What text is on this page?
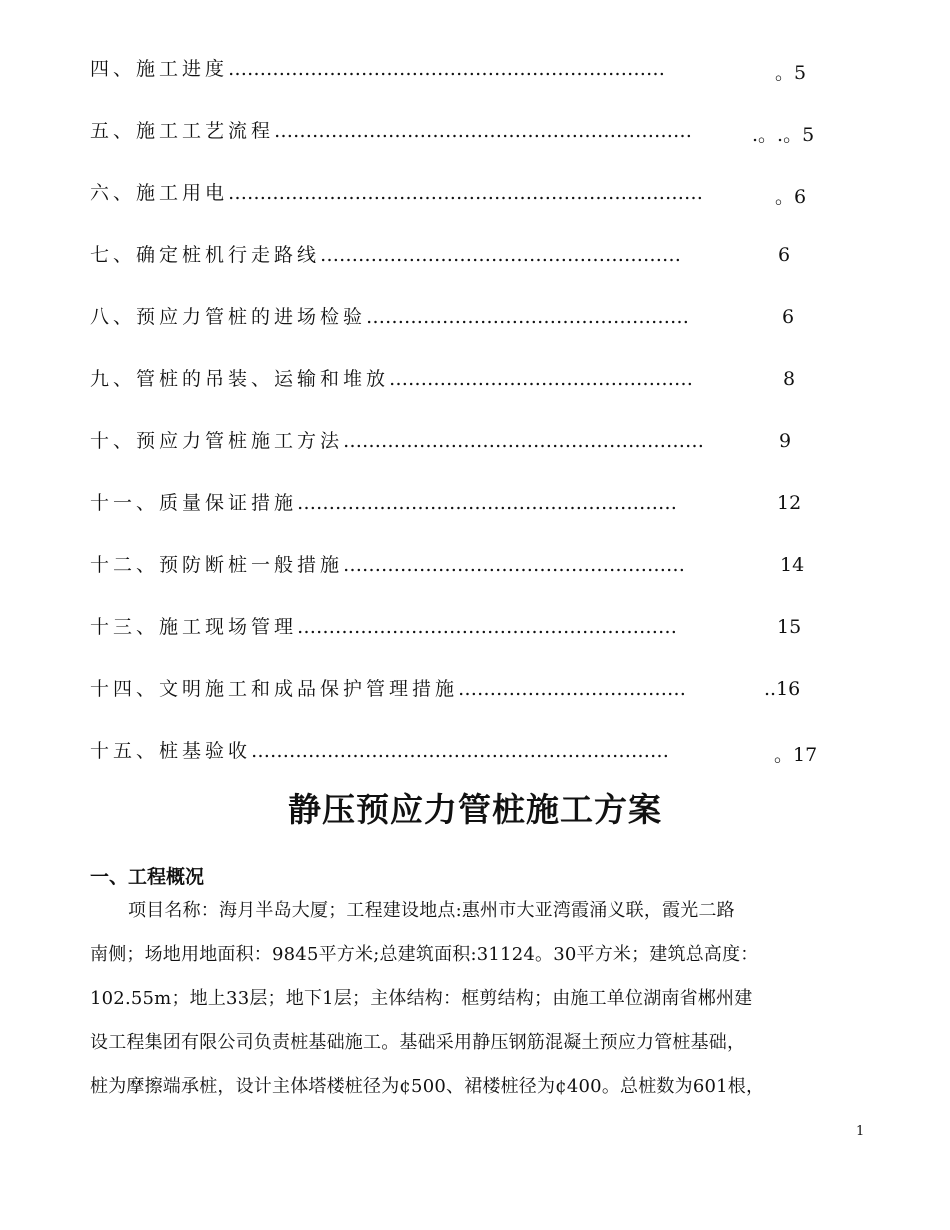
四、施工进度……………………………………………………………	。5
五、施工工艺流程…………………………………………………………	.。.。5
六、施工用电…………………………………………………………………	。6
七、确定桩机行走路线…………………………………………………	6
八、预应力管桩的进场检验……………………………………………	6
九、管桩的吊装、运输和堆放…………………………………………	8
十、预应力管桩施工方法…………………………………………………	9
十一、质量保证措施……………………………………………………	12
十二、预防断桩一般措施………………………………………………	14
十三、施工现场管理……………………………………………………	15
十四、文明施工和成品保护管理措施………………………………	..16
十五、桩基验收…………………………………………………………	。17
静压预应力管桩施工方案
一、工程概况
项目名称：海月半岛大厦；工程建设地点:惠州市大亚湾霞涌义联，霞光二路
南侧；场地用地面积：9845平方米;总建筑面积:31124。30平方米；建筑总高度：
102.55m；地上33层；地下1层；主体结构：框剪结构；由施工单位湖南省郴州建
设工程集团有限公司负责桩基础施工。基础采用静压钢筋混凝土预应力管桩基础，
桩为摩擦端承桩，设计主体塔楼桩径为¢500、裙楼桩径为¢400。总桩数为601根，
1
